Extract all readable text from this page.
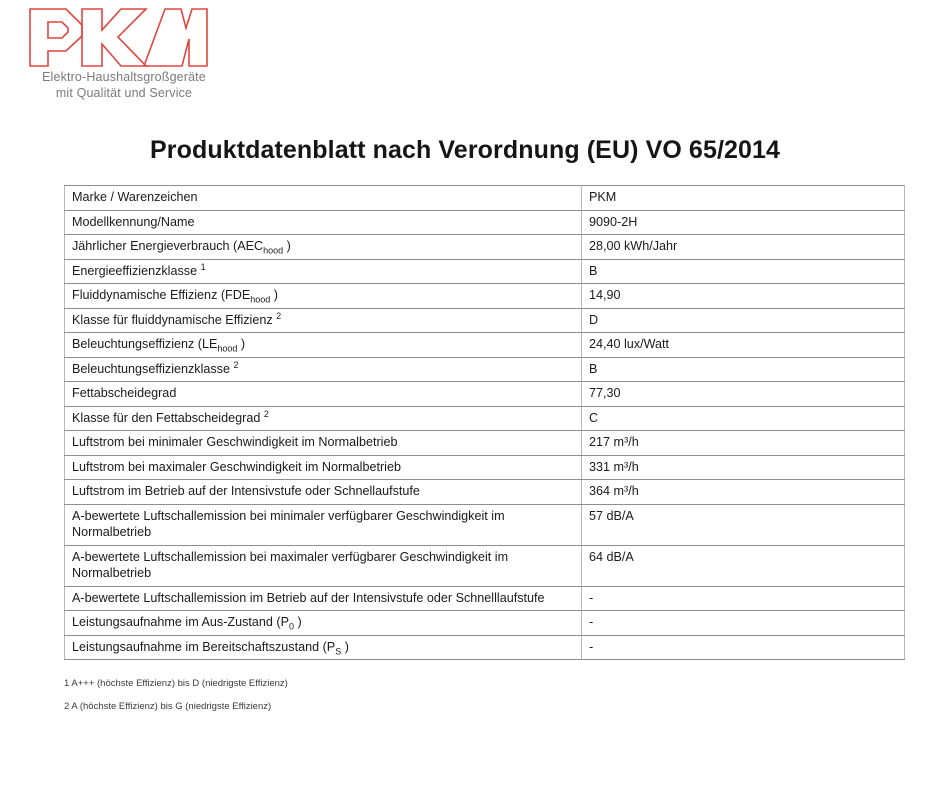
Elektro-Haushaltsgroßgeräte
mit Qualität und Service
Produktdatenblatt nach Verordnung (EU) VO 65/2014
Marke / Warenzeichen	PKM
Modellkennung/Name	9090-2H
Jährlicher Energieverbrauch ($AEC_{hood}$ )	28,00 kWh/Jahr
Energieeffizienzklasse $^1$	B
Fluiddynamische Effizienz ($FDE_{hood}$ )	14,90
Klasse für fluiddynamische Effizienz $^2$	D
Beleuchtungseffizienz ($LE_{hood}$ )	24,40 lux/Watt
Beleuchtungseffizienzklasse $^2$	B
Fettabscheidegrad	77,30
Klasse für den Fettabscheidegrad $^2$	C
Luftstrom bei minimaler Geschwindigkeit im Normalbetrieb	217 m³/h
Luftstrom bei maximaler Geschwindigkeit im Normalbetrieb	331 m³/h
Luftstrom im Betrieb auf der Intensivstufe oder Schnellaufstufe	364 m³/h
A-bewertete Luftschallemission bei minimaler verfügbarer Geschwindigkeit im Normalbetrieb	57 dB/A
A-bewertete Luftschallemission bei maximaler verfügbarer Geschwindigkeit im Normalbetrieb	64 dB/A
A-bewertete Luftschallemission im Betrieb auf der Intensivstufe oder Schnelllaufstufe	-
Leistungsaufnahme im Aus-Zustand ($P_0$ )	-
Leistungsaufnahme im Bereitschaftszustand ($P_S$ )	-
1 A+++ (höchste Effizienz) bis D (niedrigste Effizienz)
2 A (höchste Effizienz) bis G (niedrigste Effizienz)
